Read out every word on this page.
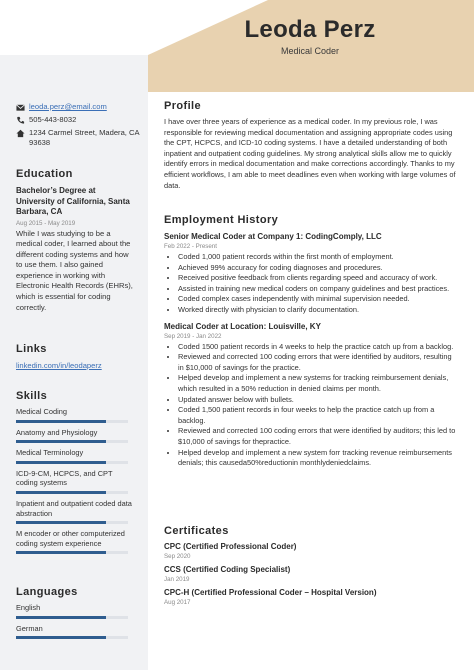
Leoda Perz
Medical Coder
leoda.perz@email.com
505-443-8032
1234 Carmel Street, Madera, CA 93638
Education
Bachelor’s Degree at University of California, Santa Barbara, CA
Aug 2015 - May 2019
While I was studying to be a medical coder, I learned about the different coding systems and how to use them. I also gained experience in working with Electronic Health Records (EHRs), which is essential for coding correctly.
Links
linkedin.com/in/leodaperz
Skills
Medical Coding
Anatomy and Physiology
Medical Terminology
ICD-9-CM, HCPCS, and CPT coding systems
Inpatient and outpatient coded data abstraction
M encoder or other computerized coding system experience
Languages
English
German
Profile
I have over three years of experience as a medical coder. In my previous role, I was responsible for reviewing medical documentation and assigning appropriate codes using the CPT, HCPCS, and ICD-10 coding systems. I have a detailed understanding of both inpatient and outpatient coding guidelines. My strong analytical skills allow me to quickly identify errors in medical documentation and make corrections accordingly. Thanks to my efficient workflows, I am able to meet deadlines even when working with large volumes of data.
Employment History
Senior Medical Coder at Company 1: CodingComply, LLC
Feb 2022 - Present
• Coded 1,000 patient records within the first month of employment.
• Achieved 99% accuracy for coding diagnoses and procedures.
• Received positive feedback from clients regarding speed and accuracy of work.
• Assisted in training new medical coders on company guidelines and best practices.
• Coded complex cases independently with minimal supervision needed.
• Worked directly with physician to clarify documentation.
Medical Coder at Location: Louisville, KY
Sep 2019 - Jan 2022
• Coded 1500 patient records in 4 weeks to help the practice catch up from a backlog.
• Reviewed and corrected 100 coding errors that were identified by auditors, resulting in $10,000 of savings for the practice.
• Helped develop and implement a new systems for tracking reimbursement denials, which resulted in a 50% reduction in denied claims per month.
• Updated answer below with bullets.
• Coded 1,500 patient records in four weeks to help the practice catch up from a backlog.
• Reviewed and corrected 100 coding errors that were identified by auditors; this led to $10,000 of savings for thepractice.
• Helped develop and implement a new system forr tracking revenue reimbursements denials; this causeda50%reductionin monthlydeniedclaims.
Certificates
CPC (Certified Professional Coder)
Sep 2020
CCS (Certified Coding Specialist)
Jan 2019
CPC-H (Certified Professional Coder – Hospital Version)
Aug 2017
